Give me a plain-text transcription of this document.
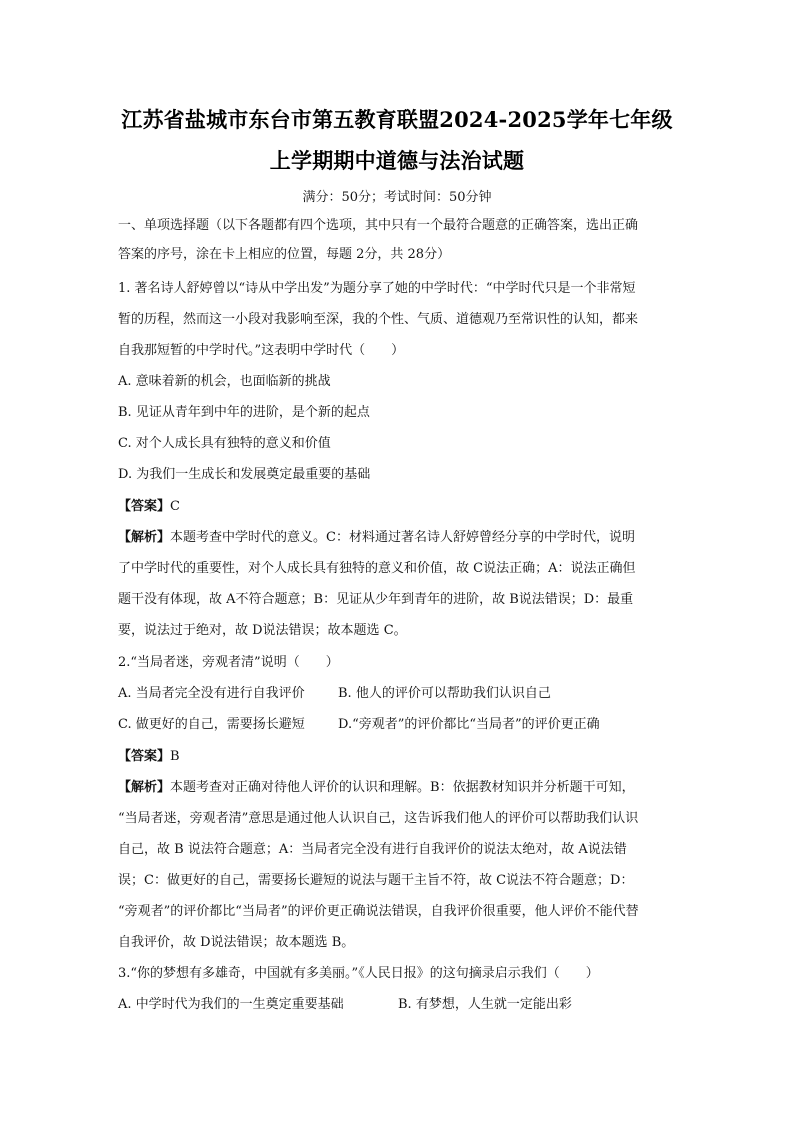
江苏省盐城市东台市第五教育联盟2024-2025学年七年级
上学期期中道德与法治试题
满分：50分；考试时间：50分钟
一、单项选择题（以下各题都有四个选项，其中只有一个最符合题意的正确答案，选出正确
答案的序号，涂在卡上相应的位置，每题 2分，共 28分）
1. 著名诗人舒婷曾以“诗从中学出发”为题分享了她的中学时代：“中学时代只是一个非常短
暂的历程，然而这一小段对我影响至深，我的个性、气质、道德观乃至常识性的认知，都来
自我那短暂的中学时代。”这表明中学时代（　　）
A. 意味着新的机会，也面临新的挑战
B. 见证从青年到中年的进阶，是个新的起点
C. 对个人成长具有独特的意义和价值
D. 为我们一生成长和发展奠定最重要的基础
【答案】C
【解析】本题考查中学时代的意义。C：材料通过著名诗人舒婷曾经分享的中学时代，说明
了中学时代的重要性，对个人成长具有独特的意义和价值，故 C说法正确；A：说法正确但
题干没有体现，故 A不符合题意；B：见证从少年到青年的进阶，故 B说法错误；D：最重
要，说法过于绝对，故 D说法错误；故本题选 C。
2.“当局者迷，旁观者清”说明（　　）
A. 当局者完全没有进行自我评价	B. 他人的评价可以帮助我们认识自己
C. 做更好的自己，需要扬长避短	D.“旁观者”的评价都比“当局者”的评价更正确
【答案】B
【解析】本题考查对正确对待他人评价的认识和理解。B：依据教材知识并分析题干可知，
“当局者迷，旁观者清”意思是通过他人认识自己，这告诉我们他人的评价可以帮助我们认识
自己，故 B 说法符合题意；A：当局者完全没有进行自我评价的说法太绝对，故 A说法错
误；C：做更好的自己，需要扬长避短的说法与题干主旨不符，故 C说法不符合题意；D：
“旁观者”的评价都比“当局者”的评价更正确说法错误，自我评价很重要，他人评价不能代替
自我评价，故 D说法错误；故本题选 B。
3.“你的梦想有多雄奇，中国就有多美丽。”《人民日报》的这句摘录启示我们（　　）
A. 中学时代为我们的一生奠定重要基础	B. 有梦想，人生就一定能出彩
